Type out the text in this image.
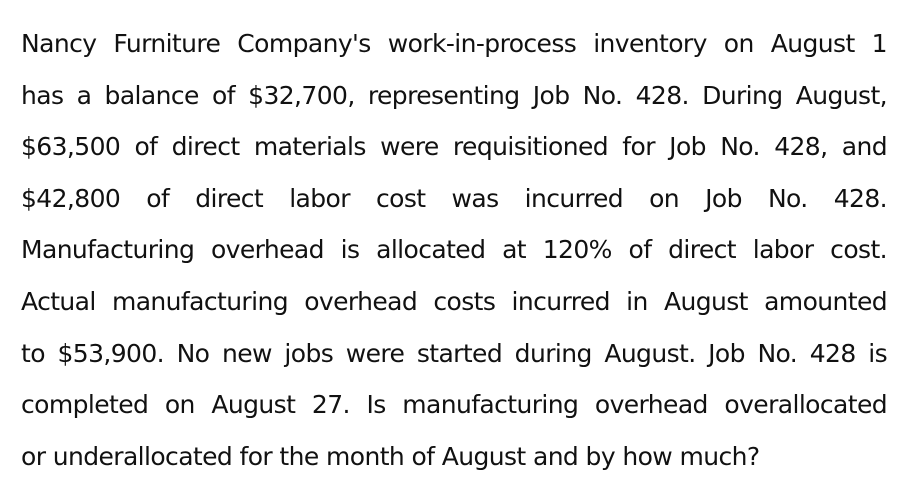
Nancy Furniture Company's work-in-process inventory on August 1
has a balance of $32,700, representing Job No. 428. During August,
$63,500 of direct materials were requisitioned for Job No. 428, and
$42,800 of direct labor cost was incurred on Job No. 428.
Manufacturing overhead is allocated at 120% of direct labor cost.
Actual manufacturing overhead costs incurred in August amounted
to $53,900. No new jobs were started during August. Job No. 428 is
completed on August 27. Is manufacturing overhead overallocated
or underallocated for the month of August and by how much?
